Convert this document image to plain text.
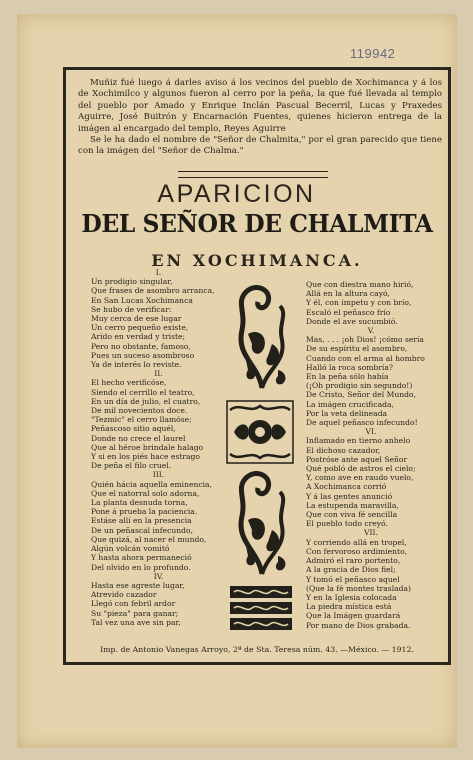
119942
Muñiz fué luego á darles aviso á los vecinos del pueblo de Xochimanca y á los de Xochimilco y algunos fueron al cerro por la peña, la que fué llevada al templo del pueblo por Amado y Enrique Inclán Pascual Becerril, Lucas y Praxedes Aguirre, José Buitrón y Encarnación Fuentes, quienes hicieron entrega de la imágen al encargado del templo, Reyes Aguirre
Se le ha dado el nombre de "Señor de Chalmita," por el gran parecido que tiene con la imágen del "Señor de Chalma."
APARICION
DEL SEÑOR DE CHALMITA
EN XOCHIMANCA.
I.
Un prodigio singular,
Que frases de asombro arranca,
En San Lucas Xochimanca
Se hubo de verificar:
Muy cerca de ese lugar
Un cerro pequeño existe,
Arido en verdad y triste;
Pero no obstante, famoso,
Pues un suceso asombroso
Ya de interés lo reviste.
II.
El hecho verificóse,
Siendo el cerrillo el teatro,
En un día de julio, el cuatro,
De mil novecientos doce.
"Tezmic" el cerro llamóse;
Peñascoso sitio aquél,
Donde no crece el laurel
Que al héroe brindale halago
Y si en los piés hace estrago
De peña el filo cruel.
III.
Quién hácia aquella eminencia,
Que el natorral solo adorna,
La planta desnuda torna,
Pone á prueba la paciencia.
Estáse allí en la presencia
De un peñascal infecundo,
Que quizá, al nacer el mundo,
Algún volcán vomitó
Y hasta ahora permaneció
Del olvido en lo profundo.
IV.
Hasta ese agreste lugar,
Atrevido cazador
Llegó con febril ardor
Su "pieza" para ganar;
Tal vez una ave sin par,
Que con diestra mano hirió,
Allá en la altura cayó,
Y él, con ímpetu y con brío,
Escaló el peñasco frío
Donde el ave sucumbió.
V.
Mas, . . . ¡oh Dios! ¡cómo sería
De su espíritu el asombro,
Cuando con el arma al hombro
Halló la roca sombría?
En la peña sólo había
(¡Oh prodigio sin segundo!)
De Cristo, Señor del Mundo,
La imágen crucificada,
Por la veta delineada
De aquel peñasco infecundo!
VI.
Inflamado en tierno anhelo
El dichoso cazador,
Postróse ante aquel Señor
Qué pobló de astros el cielo;
Y, como ave en raudo vuelo,
A Xochimanca corrió
Y á las gentes anunció
La estupenda maravilla,
Que con viva fé sencilla
El pueblo todo creyó.
VII.
Y corriendo allá en tropel,
Con fervoroso ardimiento,
Admiró el raro portento,
A la gracia de Dios fiel;
Y tomó el peñasco aquel
(Que la fé montes traslada)
Y en la Iglesia colocada
La piedra mística está
Que la Imágen guardará
Por mano de Dios grabada.
Imp. de Antonio Vanegas Arroyo, 2ª de Sta. Teresa núm. 43. —México. — 1912.
